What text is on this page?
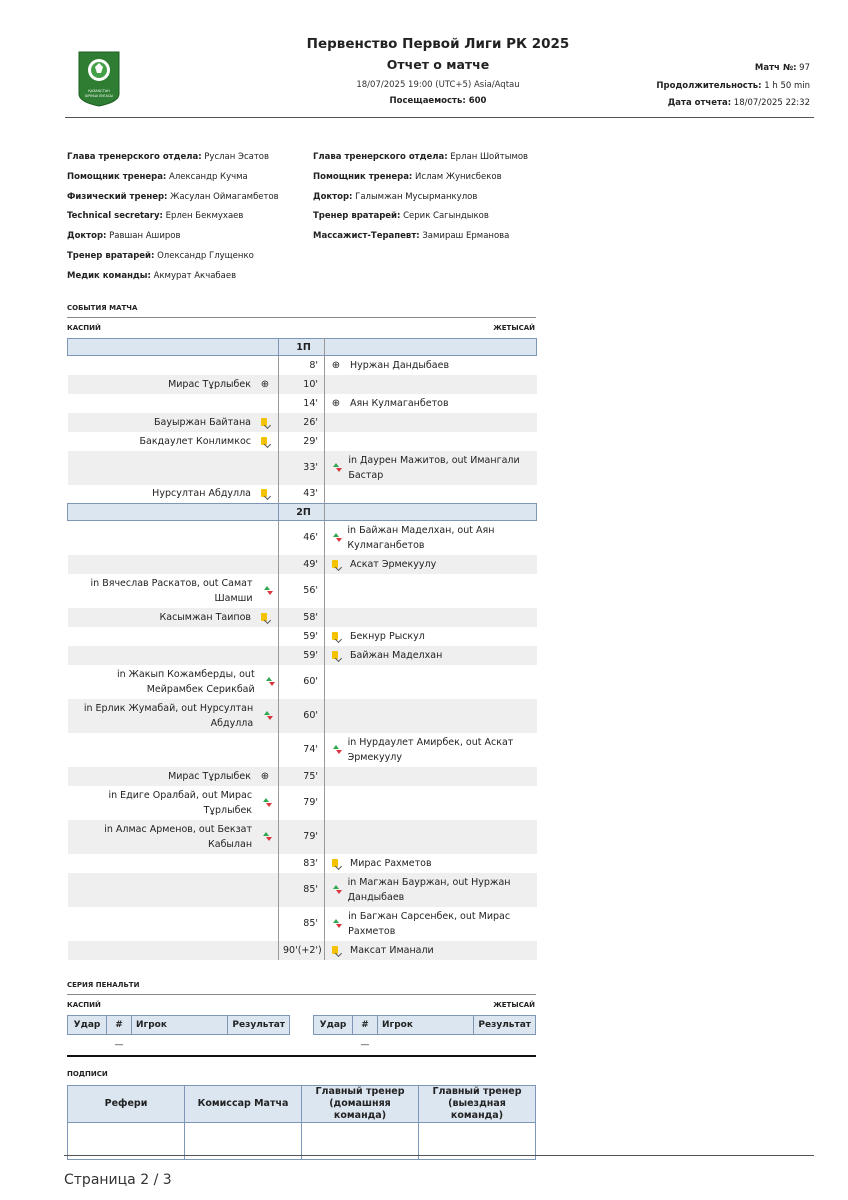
ҚАЗАҚСТАН
БІРІНШІ ЛИГАСЫ
Первенство Первой Лиги РК 2025
Отчет о матче
18/07/2025 19:00 (UTC+5) Asia/Aqtau
Посещаемость: 600
Матч №: 97
Продолжительность: 1 h 50 min
Дата отчета: 18/07/2025 22:32
Глава тренерского отдела: Руслан Эсатов
Помощник тренера: Александр Кучма
Физический тренер: Жасулан Оймагамбетов
Technical secretary: Ерлен Бекмухаев
Доктор: Равшан Аширов
Тренер вратарей: Олександр Глущенко
Медик команды: Акмурат Акчабаев
Глава тренерского отдела: Ерлан Шойтымов
Помощник тренера: Ислам Жунисбеков
Доктор: Галымжан Мусырманкулов
Тренер вратарей: Серик Сагындыков
Массажист-Терапевт: Замираш Ерманова
СОБЫТИЯ МАТЧА
КАСПИЙ	ЖЕТЫСАЙ
	1П	
	8'	⊕ Нуржан Дандыбаев

Мирас Тұрлыбек ⊕	10'	
	14'	⊕ Аян Кулмаганбетов

Бауыржан Байтана	26'	

Бакдаулет Конлимкос	29'	
	33'	in Даурен Мажитов, out Имангали Бастар

Нурсултан Абдулла	43'	
	2П	
	46'	in Байжан Маделхан, out Аян Кулмаганбетов

	49'	Аскат Эрмекуулу

in Вячеслав Раскатов, out Самат Шамши	56'	

Касымжан Таипов	58'	
	59'	Бекнур Рыскул

	59'	Байжан Маделхан

in Жакып Кожамберды, out Мейрамбек Серикбай	60'	

in Ерлик Жумабай, out Нурсултан Абдулла	60'	
	74'	in Нурдаулет Амирбек, out Аскат Эрмекуулу

Мирас Тұрлыбек ⊕	75'	

in Едиге Оралбай, out Мирас Тұрлыбек	79'	

in Алмас Арменов, out Бекзат Кабылан	79'	
	83'	Мирас Рахметов

	85'	in Магжан Бауржан, out Нуржан Дандыбаев

	85'	in Багжан Сарсенбек, out Мирас Рахметов

	90'(+2')	Максат Иманали
СЕРИЯ ПЕНАЛЬТИ
КАСПИЙ	ЖЕТЫСАЙ
Удар	#	Игрок	Результат
	—		
Удар	#	Игрок	Результат
	—		
ПОДПИСИ
Рефери	Комиссар Матча	Главный тренер (домашняя команда)	Главный тренер (выездная команда)

Страница 2 / 3
